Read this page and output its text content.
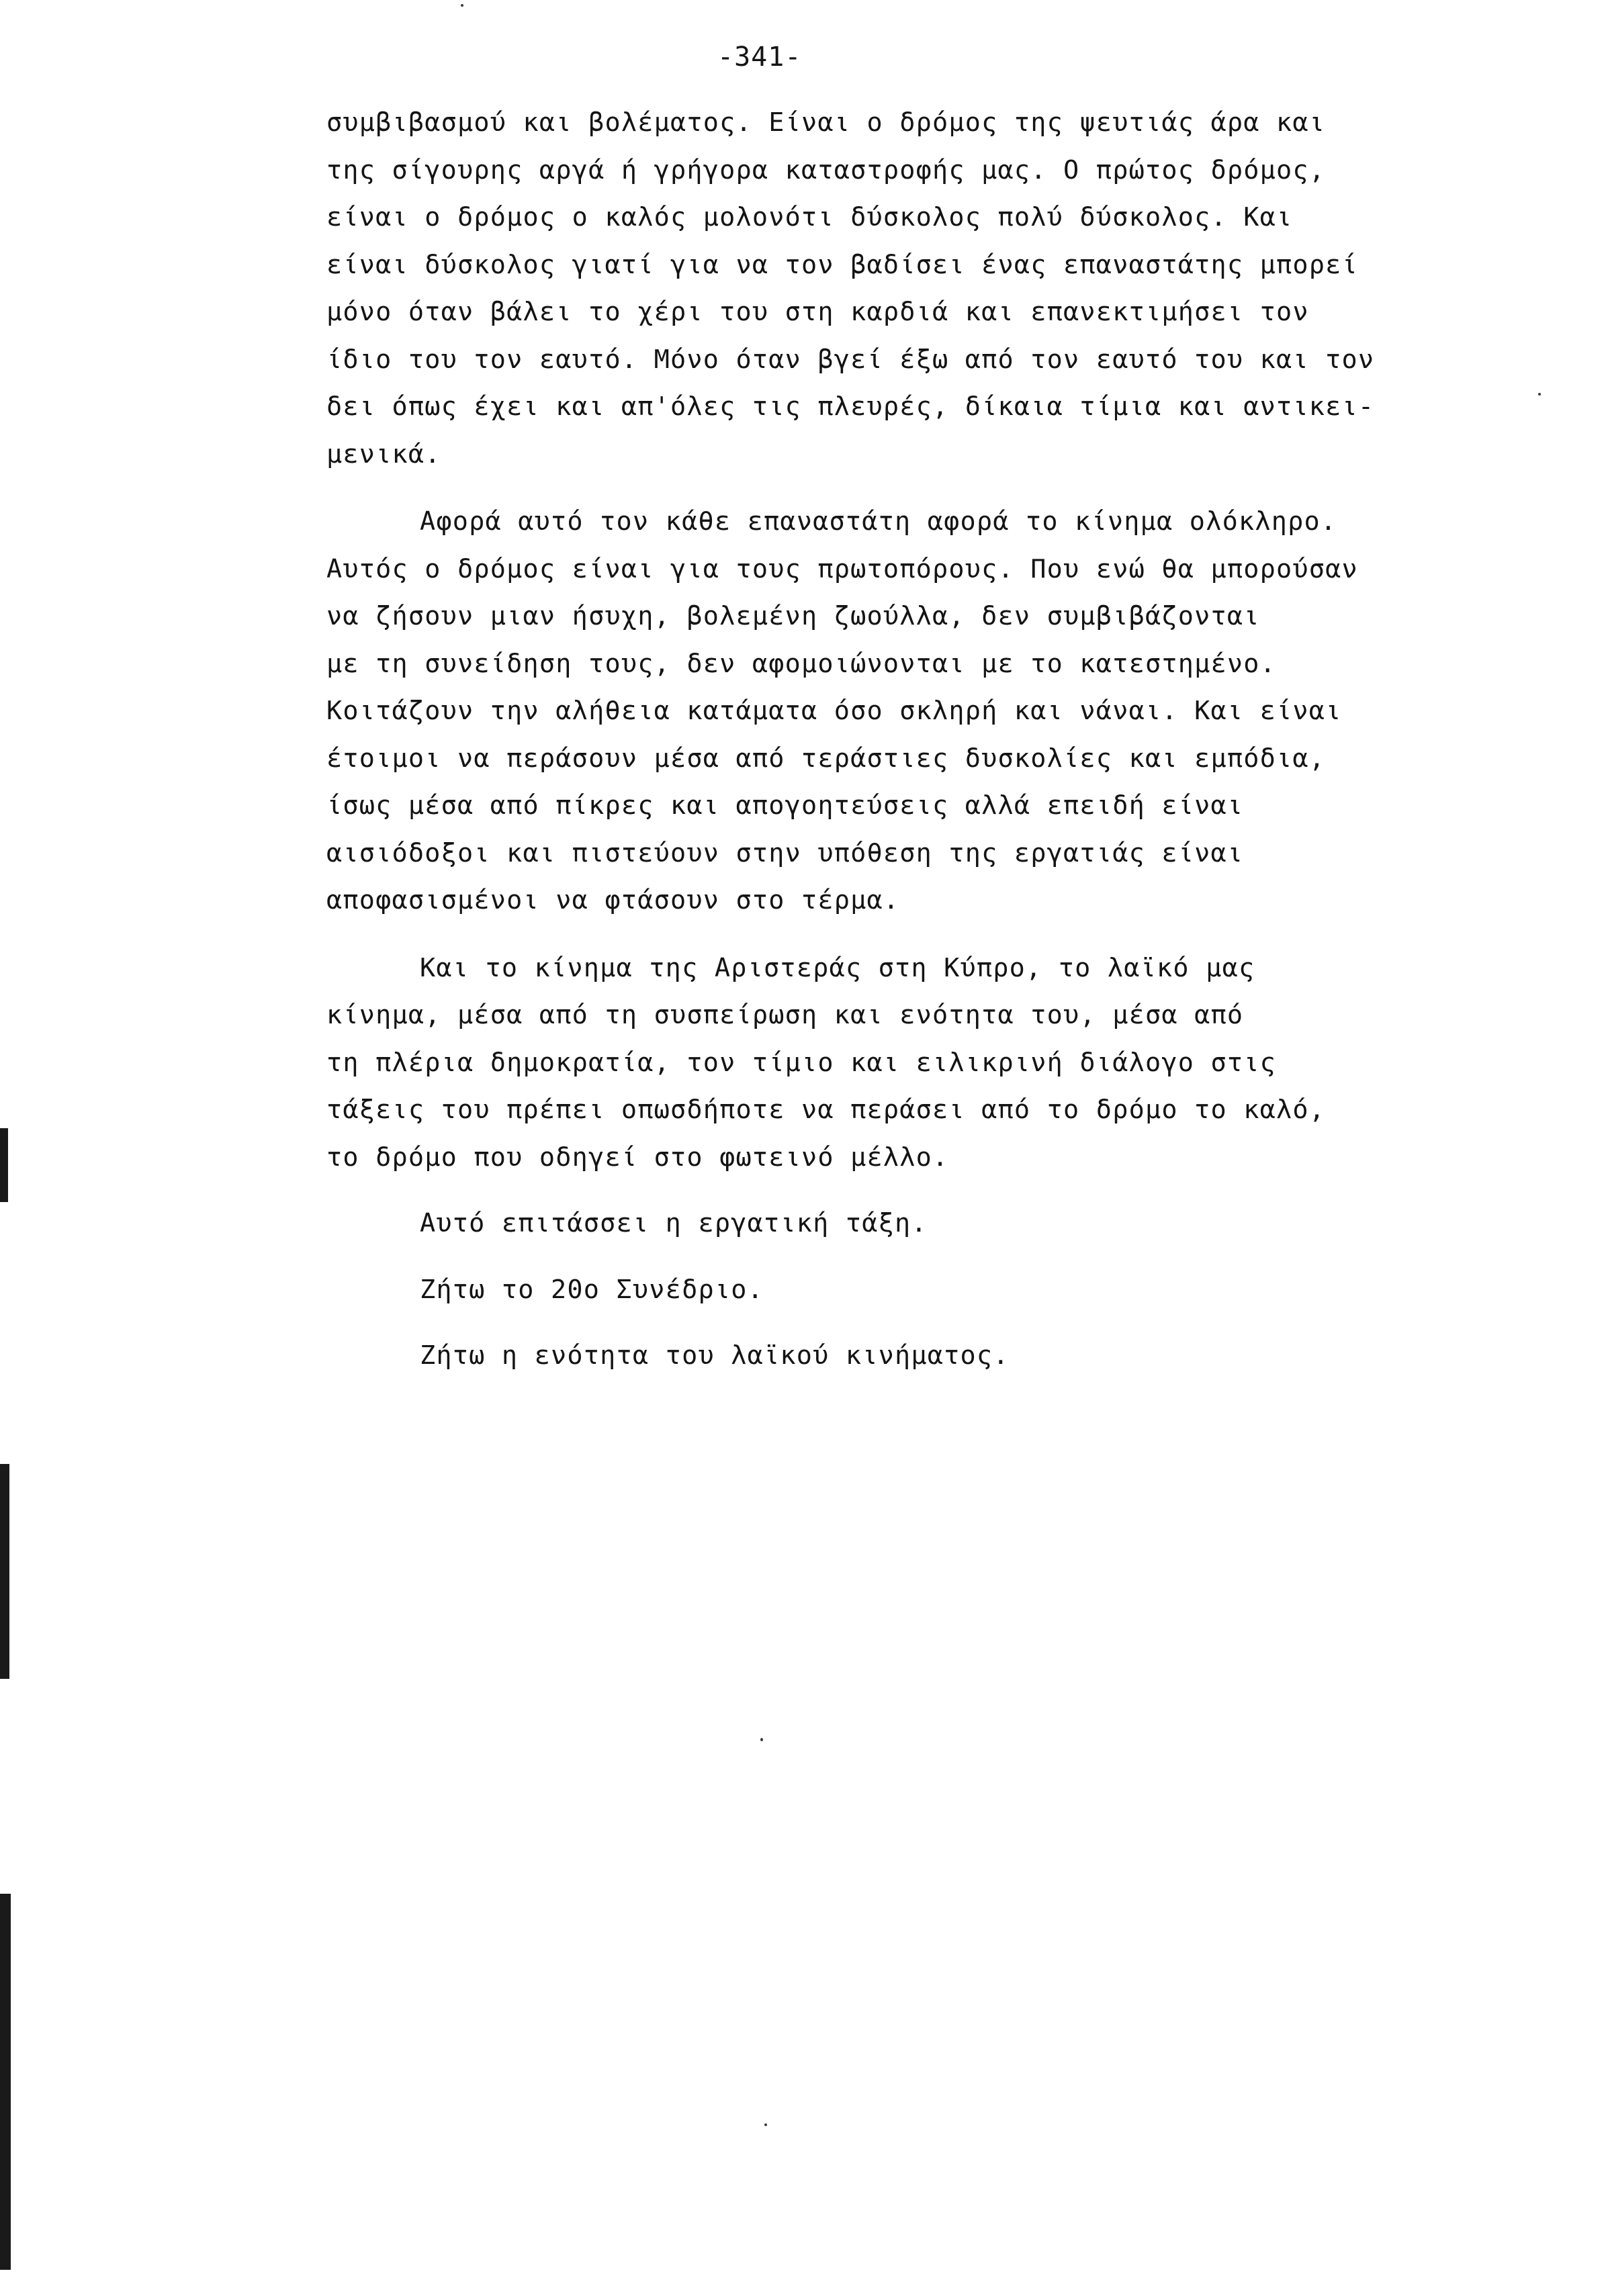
-341-
συμβιβασμού και βολέματος. Είναι ο δρόμος της ψευτιάς άρα και
της σίγουρης αργά ή γρήγορα καταστροφής μας. Ο πρώτος δρόμος,
είναι ο δρόμος ο καλός μολονότι δύσκολος πολύ δύσκολος. Και
είναι δύσκολος γιατί για να τον βαδίσει ένας επαναστάτης μπορεί
μόνο όταν βάλει το χέρι του στη καρδιά και επανεκτιμήσει τον
ίδιο του τον εαυτό. Μόνο όταν βγεί έξω από τον εαυτό του και τον
δει όπως έχει και απ'όλες τις πλευρές, δίκαια τίμια και αντικει-
μενικά.
Αφορά αυτό τον κάθε επαναστάτη αφορά το κίνημα ολόκληρο.
Αυτός ο δρόμος είναι για τους πρωτοπόρους. Που ενώ θα μπορούσαν
να ζήσουν μιαν ήσυχη, βολεμένη ζωούλλα, δεν συμβιβάζονται
με τη συνείδηση τους, δεν αφομοιώνονται με το κατεστημένο.
Κοιτάζουν την αλήθεια κατάματα όσο σκληρή και νάναι. Και είναι
έτοιμοι να περάσουν μέσα από τεράστιες δυσκολίες και εμπόδια,
ίσως μέσα από πίκρες και απογοητεύσεις αλλά επειδή είναι
αισιόδοξοι και πιστεύουν στην υπόθεση της εργατιάς είναι
αποφασισμένοι να φτάσουν στο τέρμα.
Και το κίνημα της Αριστεράς στη Κύπρο, το λαϊκό μας
κίνημα, μέσα από τη συσπείρωση και ενότητα του, μέσα από
τη πλέρια δημοκρατία, τον τίμιο και ειλικρινή διάλογο στις
τάξεις του πρέπει οπωσδήποτε να περάσει από το δρόμο το καλό,
το δρόμο που οδηγεί στο φωτεινό μέλλο.
Αυτό επιτάσσει η εργατική τάξη.
Ζήτω το 20ο Συνέδριο.
Ζήτω η ενότητα του λαϊκού κινήματος.
